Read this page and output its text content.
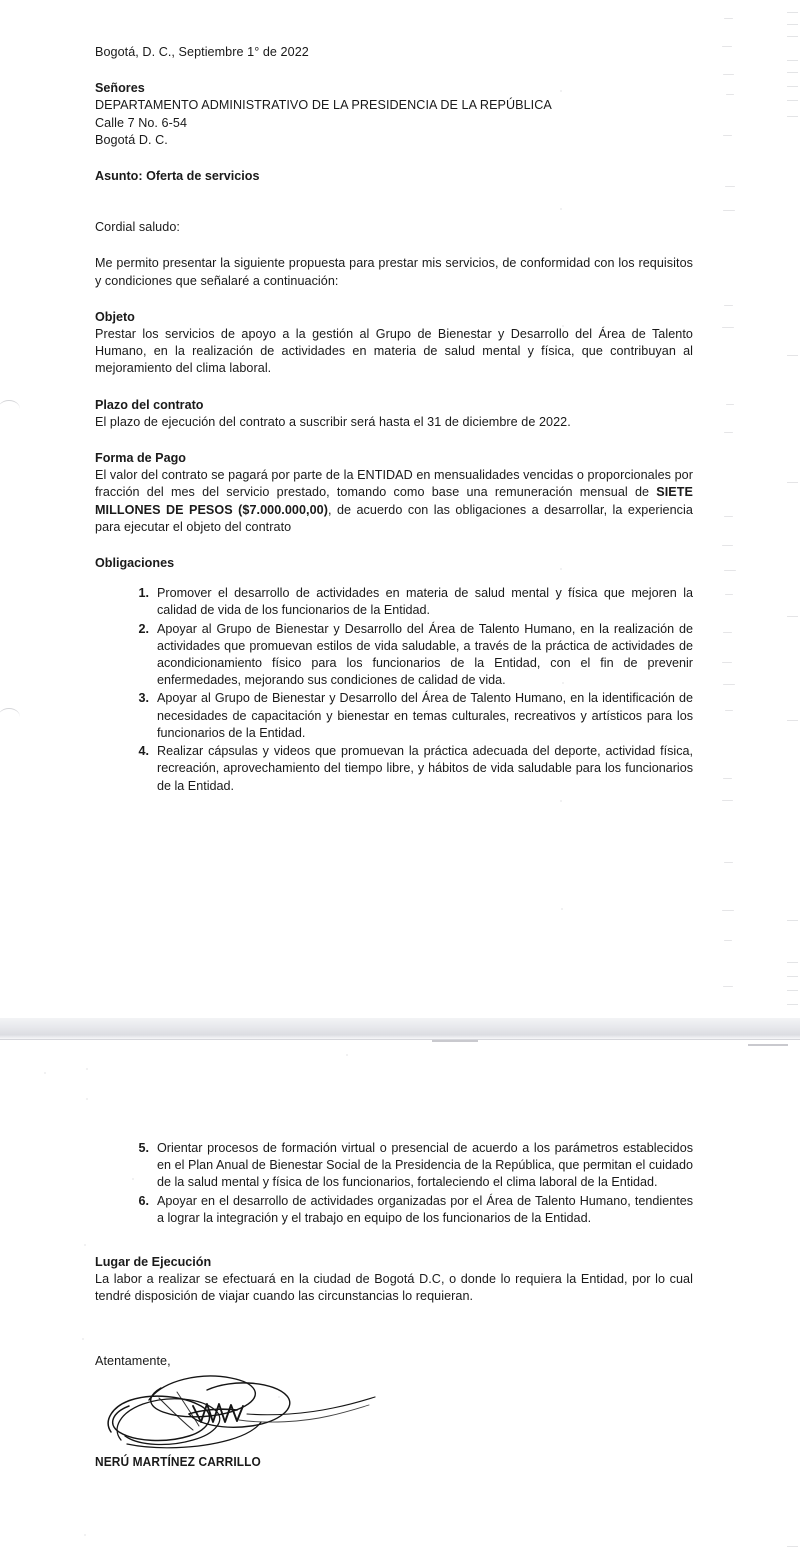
Bogotá, D. C., Septiembre 1° de 2022
Señores
DEPARTAMENTO ADMINISTRATIVO DE LA PRESIDENCIA DE LA REPÚBLICA
Calle 7 No. 6-54
Bogotá D. C.
Asunto: Oferta de servicios
Cordial saludo:

Me permito presentar la siguiente propuesta para prestar mis servicios, de conformidad con los requisitos y condiciones que señalaré a continuación:

Objeto

Prestar los servicios de apoyo a la gestión al Grupo de Bienestar y Desarrollo del Área de Talento Humano, en la realización de actividades en materia de salud mental y física, que contribuyan al mejoramiento del clima laboral.

Plazo del contrato

El plazo de ejecución del contrato a suscribir será hasta el 31 de diciembre de 2022.

Forma de Pago

El valor del contrato se pagará por parte de la ENTIDAD en mensualidades vencidas o proporcionales por fracción del mes del servicio prestado, tomando como base una remuneración mensual de SIETE MILLONES DE PESOS ($7.000.000,00), de acuerdo con las obligaciones a desarrollar, la experiencia para ejecutar el objeto del contrato

Obligaciones
Promover el desarrollo de actividades en materia de salud mental y física que mejoren la calidad de vida de los funcionarios de la Entidad.
Apoyar al Grupo de Bienestar y Desarrollo del Área de Talento Humano, en la realización de actividades que promuevan estilos de vida saludable, a través de la práctica de actividades de acondicionamiento físico para los funcionarios de la Entidad, con el fin de prevenir enfermedades, mejorando sus condiciones de calidad de vida.
Apoyar al Grupo de Bienestar y Desarrollo del Área de Talento Humano, en la identificación de necesidades de capacitación y bienestar en temas culturales, recreativos y artísticos para los funcionarios de la Entidad.
Realizar cápsulas y videos que promuevan la práctica adecuada del deporte, actividad física, recreación, aprovechamiento del tiempo libre, y hábitos de vida saludable para los funcionarios de la Entidad.
Orientar procesos de formación virtual o presencial de acuerdo a los parámetros establecidos en el Plan Anual de Bienestar Social de la Presidencia de la República, que permitan el cuidado de la salud mental y física de los funcionarios, fortaleciendo el clima laboral de la Entidad.
Apoyar en el desarrollo de actividades organizadas por el Área de Talento Humano, tendientes a lograr la integración y el trabajo en equipo de los funcionarios de la Entidad.
Lugar de Ejecución

La labor a realizar se efectuará en la ciudad de Bogotá D.C, o donde lo requiera la Entidad, por lo cual tendré disposición de viajar cuando las circunstancias lo requieran.

Atentamente,
NERÚ MARTÍNEZ CARRILLO
